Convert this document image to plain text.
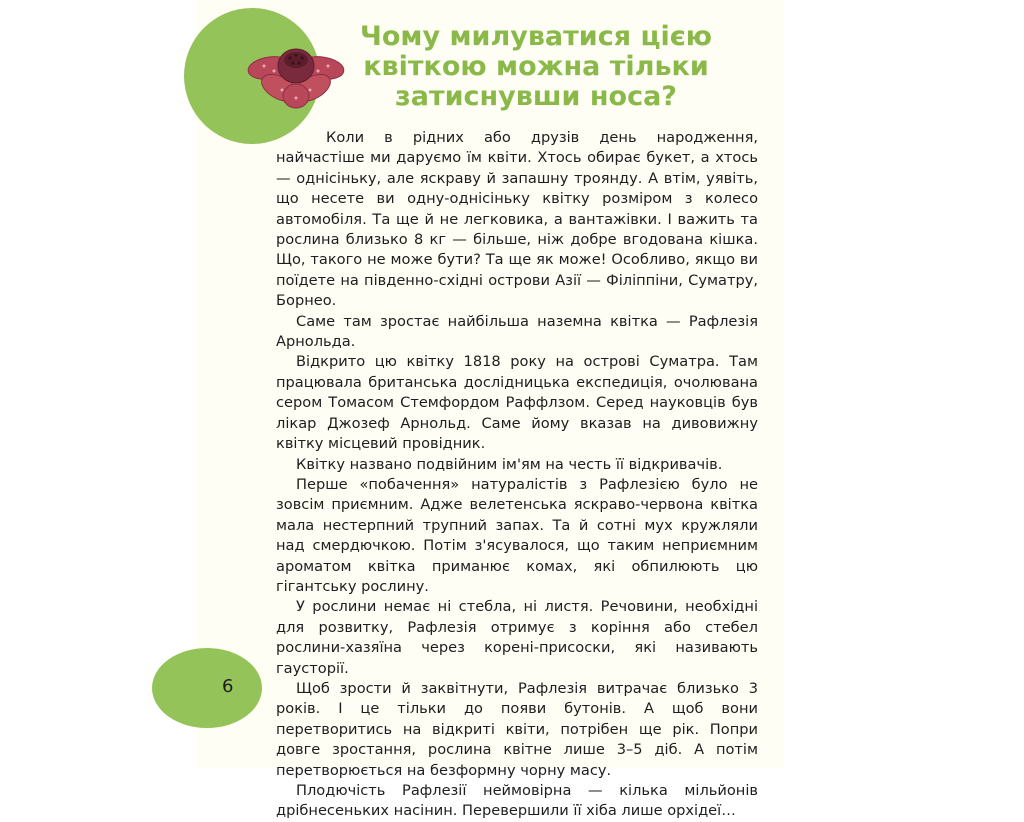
Чому милуватися цією квіткою можна тільки затиснувши носа?

Коли в рідних або друзів день народження, найчастіше ми даруємо їм квіти. Хтось обирає букет, а хтось — однісіньку, але яскраву й запашну троянду. А втім, уявіть, що несете ви одну-однісіньку квітку розміром з колесо автомобіля. Та ще й не легковика, а вантажівки. І важить та рослина близько 8 кг — більше, ніж добре вгодована кішка. Що, такого не може бути? Та ще як може! Особливо, якщо ви поїдете на південно-східні острови Азії — Філіппіни, Суматру, Борнео.

Саме там зростає найбільша наземна квітка — Рафлезія Арнольда.

Відкрито цю квітку 1818 року на острові Суматра. Там працювала британська дослідницька експедиція, очолювана сером Томасом Стемфордом Раффлзом. Серед науковців був лікар Джозеф Арнольд. Саме йому вказав на дивовижну квітку місцевий провідник.

Квітку названо подвійним ім'ям на честь її відкривачів.

Перше «побачення» натуралістів з Рафлезією було не зовсім приємним. Адже велетенська яскраво-червона квітка мала нестерпний трупний запах. Та й сотні мух кружляли над смердючкою. Потім з'ясувалося, що таким неприємним ароматом квітка приманює комах, які обпилюють цю гігантську рослину.

У рослини немає ні стебла, ні листя. Речовини, необхідні для розвитку, Рафлезія отримує з коріння або стебел рослини-хазяїна через корені-присоски, які називають гаусторії.

Щоб зрости й заквітнути, Рафлезія витрачає близько 3 років. І це тільки до появи бутонів. А щоб вони перетворитись на відкриті квіти, потрібен ще рік. Попри довге зростання, рослина квітне лише 3–5 діб. А потім перетворюється на безформну чорну масу.

Плодючість Рафлезії неймовірна — кілька мільйонів дрібнесеньких насінин. Перевершили її хіба лише орхідеї…

6
